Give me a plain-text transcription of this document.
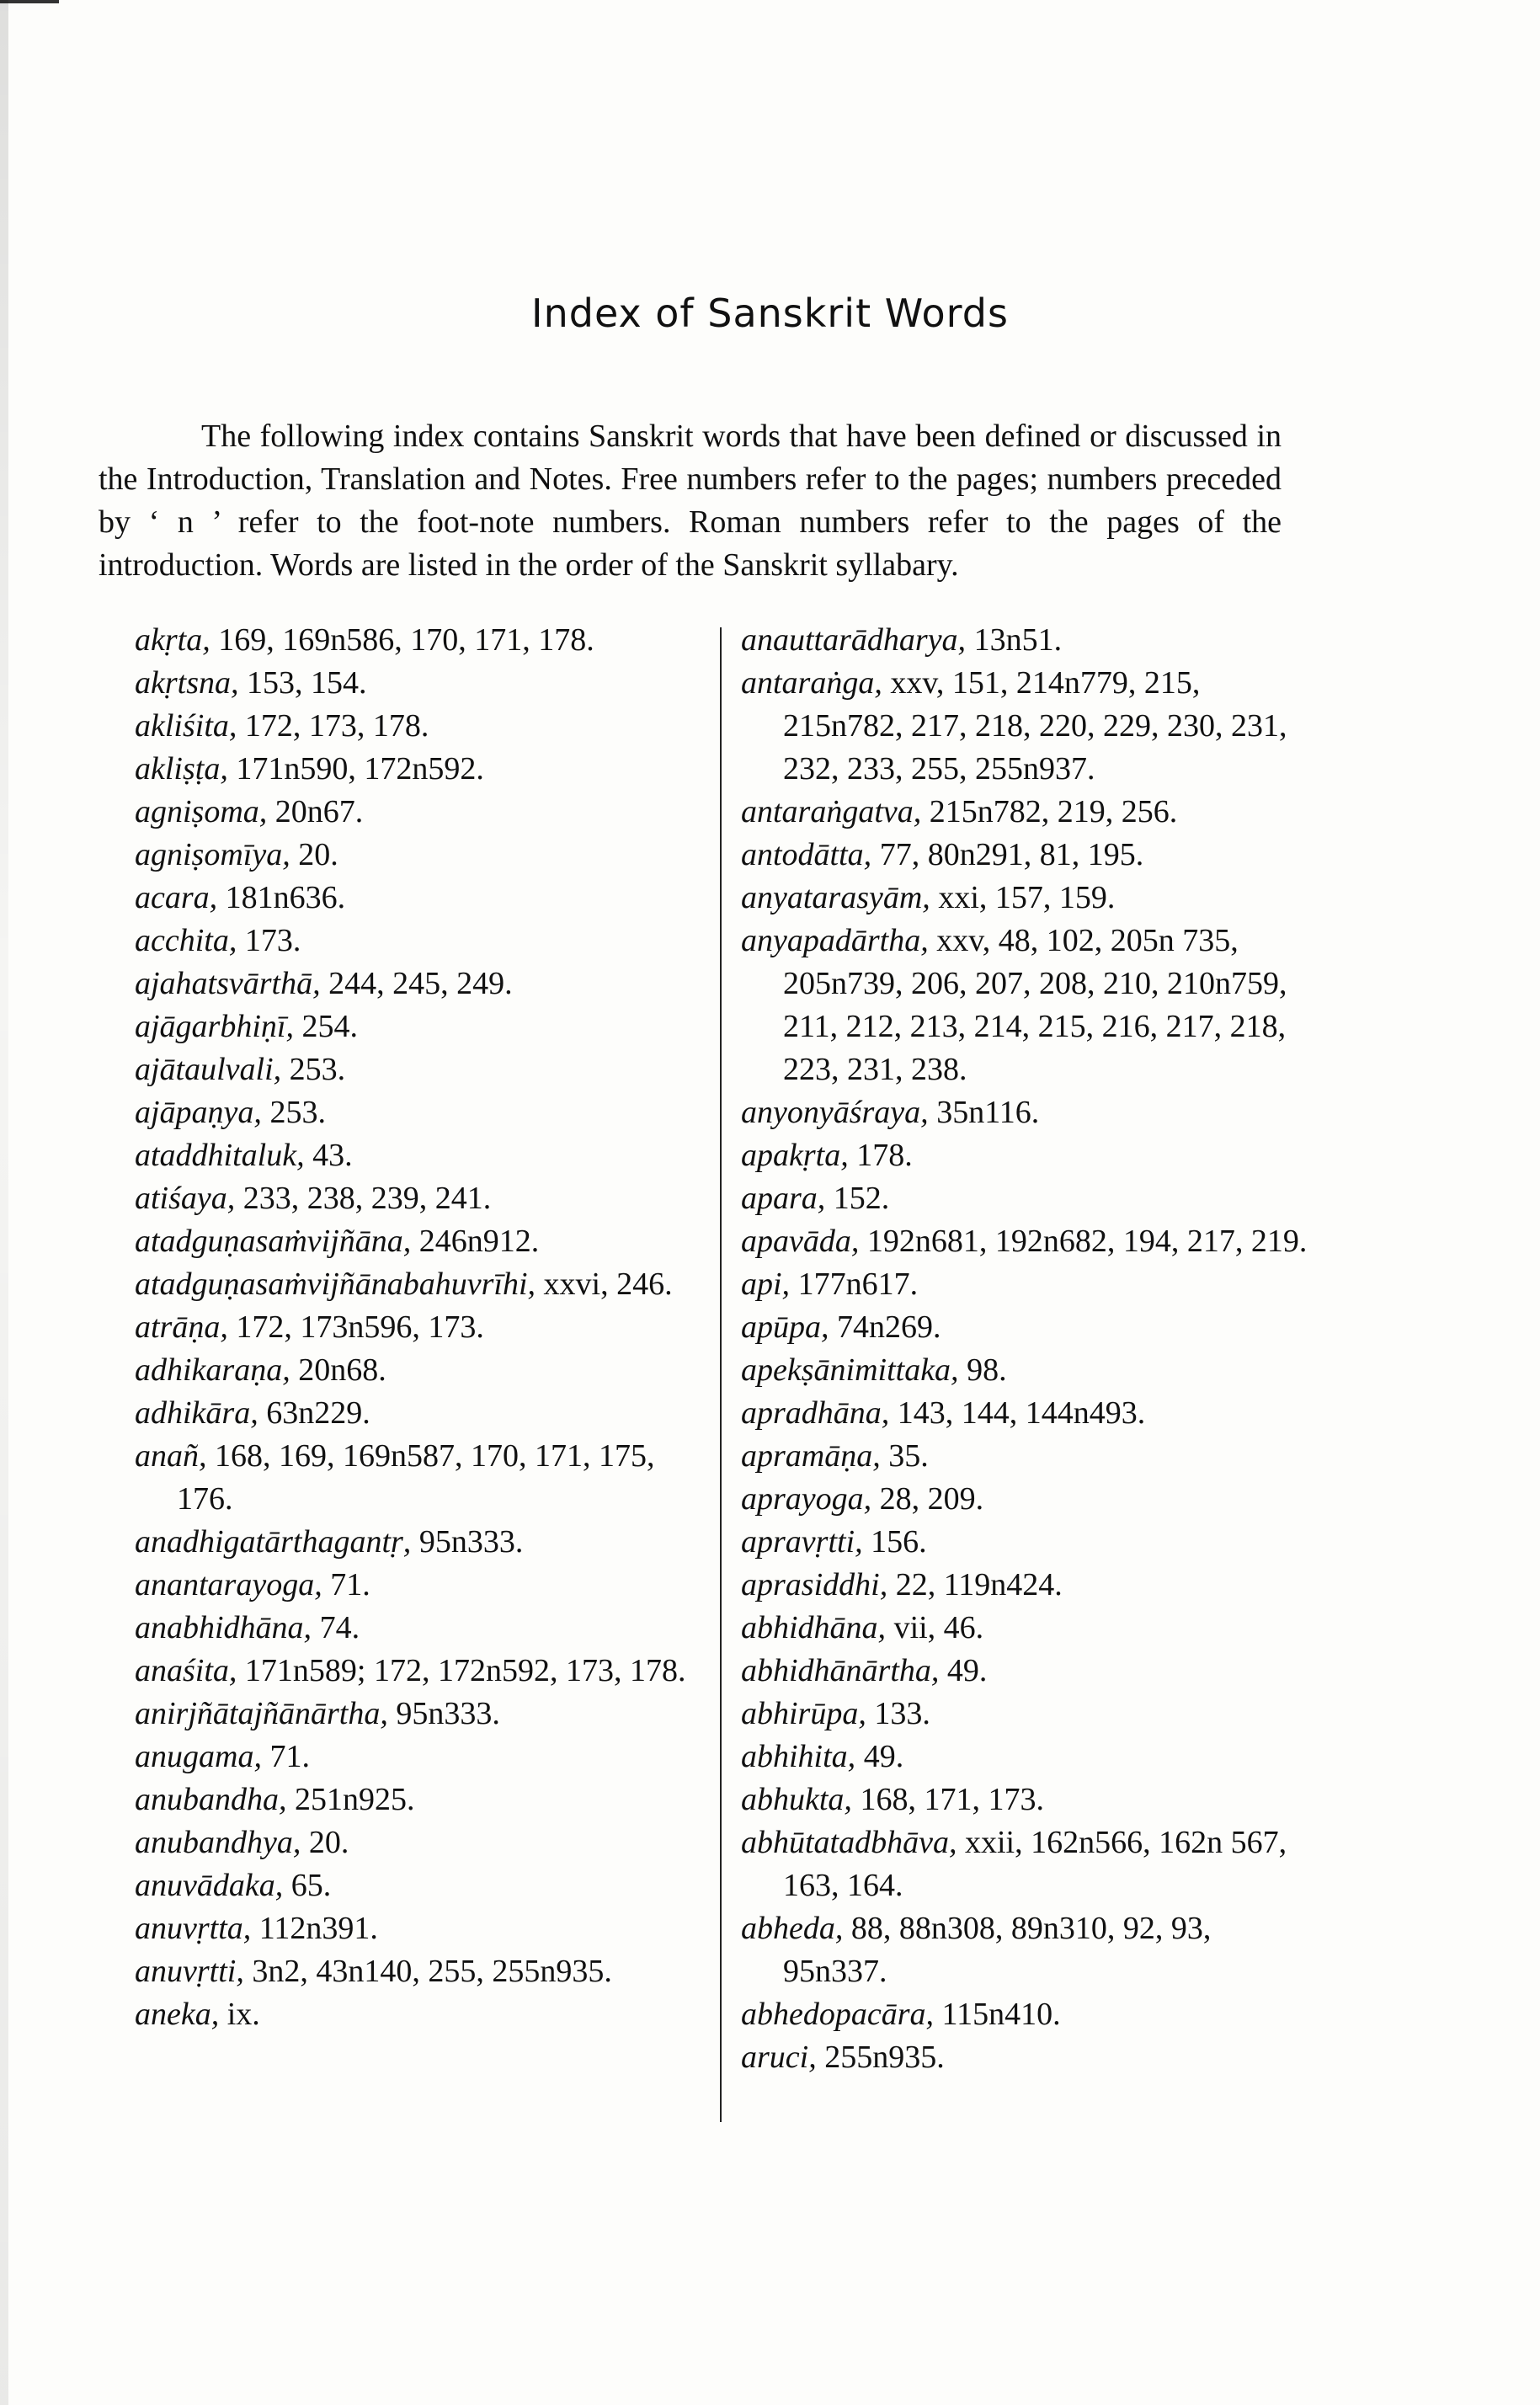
Index of Sanskrit Words

The following index contains Sanskrit words that have been defined or discussed in the Introduction, Translation and Notes. Free numbers refer to the pages; numbers preceded by ‘ n ’ refer to the foot-note numbers. Roman numbers refer to the pages of the introduction. Words are listed in the order of the Sanskrit syllabary.

akṛta, 169, 169n586, 170, 171, 178.

akṛtsna, 153, 154.

akliśita, 172, 173, 178.

akliṣṭa, 171n590, 172n592.

agniṣoma, 20n67.

agniṣomīya, 20.

acara, 181n636.

acchita, 173.

ajahatsvārthā, 244, 245, 249.

ajāgarbhiṇī, 254.

ajātaulvali, 253.

ajāpaṇya, 253.

ataddhitaluk, 43.

atiśaya, 233, 238, 239, 241.

atadguṇasaṁvijñāna, 246n912.

atadguṇasaṁvijñānabahuvrīhi, xxvi, 246.

atrāṇa, 172, 173n596, 173.

adhikaraṇa, 20n68.

adhikāra, 63n229.

anañ, 168, 169, 169n587, 170, 171, 175, 176.

anadhigatārthagantṛ, 95n333.

anantarayoga, 71.

anabhidhāna, 74.

anaśita, 171n589; 172, 172n592, 173, 178.

anirjñātajñānārtha, 95n333.

anugama, 71.

anubandha, 251n925.

anubandhya, 20.

anuvādaka, 65.

anuvṛtta, 112n391.

anuvṛtti, 3n2, 43n140, 255, 255n935.

aneka, ix.

anauttarādharya, 13n51.

antaraṅga, xxv, 151, 214n779, 215, 215n782, 217, 218, 220, 229, 230, 231, 232, 233, 255, 255n937.

antaraṅgatva, 215n782, 219, 256.

antodātta, 77, 80n291, 81, 195.

anyatarasyām, xxi, 157, 159.

anyapadārtha, xxv, 48, 102, 205n 735, 205n739, 206, 207, 208, 210, 210n759, 211, 212, 213, 214, 215, 216, 217, 218, 223, 231, 238.

anyonyāśraya, 35n116.

apakṛta, 178.

apara, 152.

apavāda, 192n681, 192n682, 194, 217, 219.

api, 177n617.

apūpa, 74n269.

apekṣānimittaka, 98.

apradhāna, 143, 144, 144n493.

apramāṇa, 35.

aprayoga, 28, 209.

apravṛtti, 156.

aprasiddhi, 22, 119n424.

abhidhāna, vii, 46.

abhidhānārtha, 49.

abhirūpa, 133.

abhihita, 49.

abhukta, 168, 171, 173.

abhūtatadbhāva, xxii, 162n566, 162n 567, 163, 164.

abheda, 88, 88n308, 89n310, 92, 93, 95n337.

abhedopacāra, 115n410.

aruci, 255n935.
